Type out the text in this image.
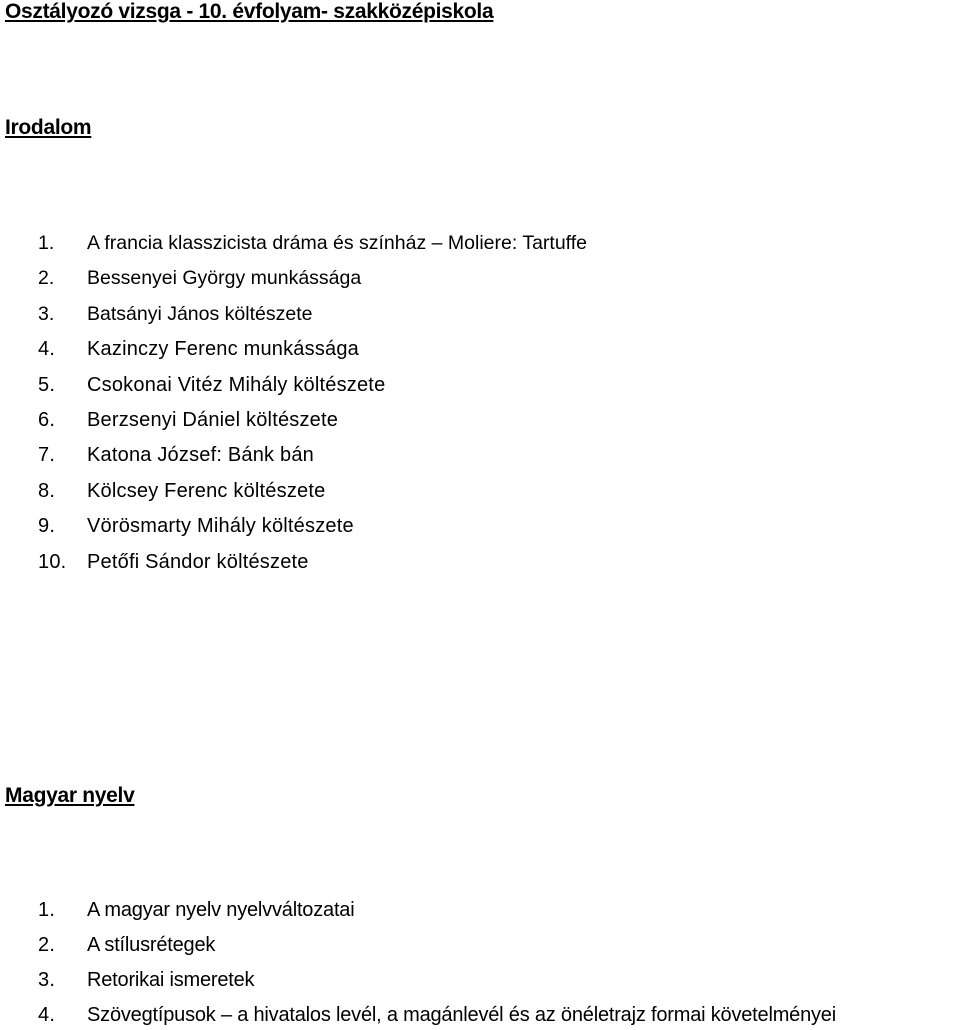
Osztályozó vizsga - 10. évfolyam- szakközépiskola
Irodalom
1. A francia klasszicista dráma és színház – Moliere: Tartuffe
2. Bessenyei György munkássága
3. Batsányi János költészete
4. Kazinczy Ferenc munkássága
5. Csokonai Vitéz Mihály költészete
6. Berzsenyi Dániel költészete
7. Katona József: Bánk bán
8. Kölcsey Ferenc költészete
9. Vörösmarty Mihály költészete
10. Petőfi Sándor költészete
Magyar nyelv
1. A magyar nyelv nyelvváltozatai
2. A stílusrétegek
3. Retorikai ismeretek
4. Szövegtípusok – a hivatalos levél, a magánlevél és az önéletrajz formai követelményei
